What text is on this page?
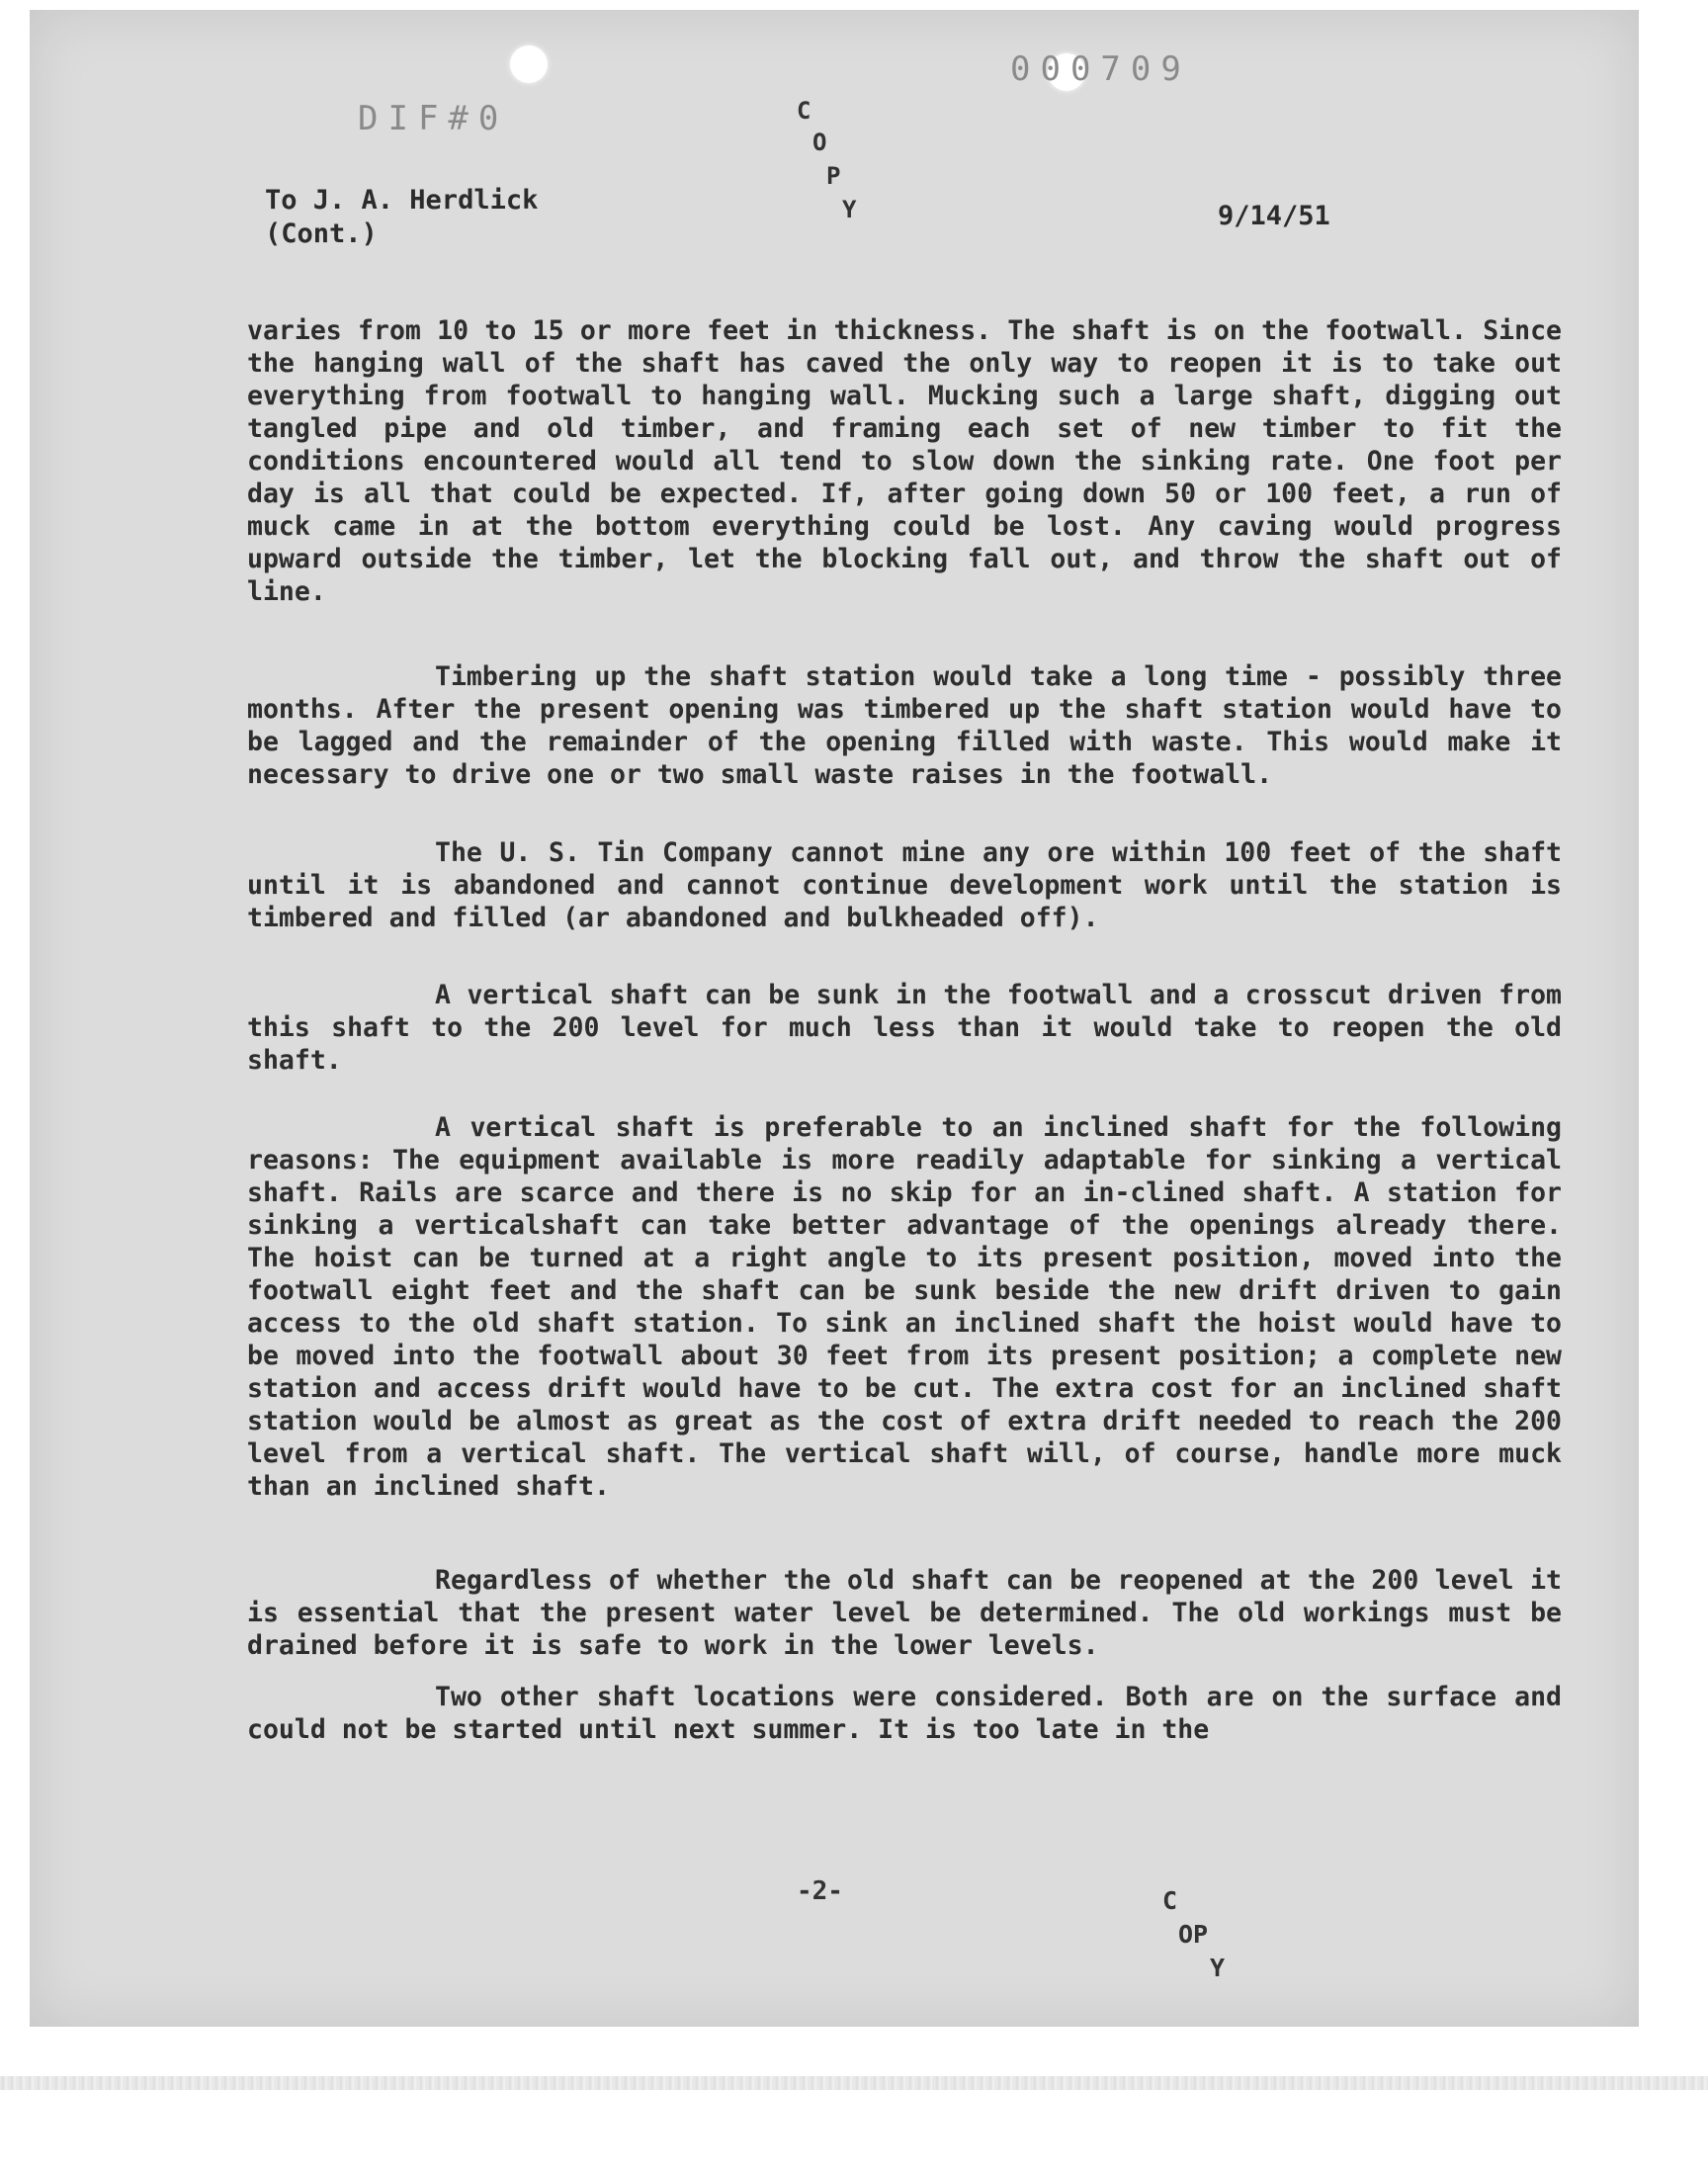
DIF#0
000709
C
O
P
Y
To J. A. Herdlick
(Cont.)
9/14/51

varies from 10 to 15 or more feet in thickness. The shaft is on the footwall. Since the hanging wall of the shaft has caved the only way to reopen it is to take out everything from footwall to hanging wall. Mucking such a large shaft, digging out tangled pipe and old timber, and framing each set of new timber to fit the conditions encountered would all tend to slow down the sinking rate. One foot per day is all that could be expected. If, after going down 50 or 100 feet, a run of muck came in at the bottom everything could be lost. Any caving would progress upward outside the timber, let the blocking fall out, and throw the shaft out of line.

Timbering up the shaft station would take a long time - possibly three months. After the present opening was timbered up the shaft station would have to be lagged and the remainder of the opening filled with waste. This would make it necessary to drive one or two small waste raises in the footwall.

The U. S. Tin Company cannot mine any ore within 100 feet of the shaft until it is abandoned and cannot continue development work until the station is timbered and filled (ar abandoned and bulkheaded off).

A vertical shaft can be sunk in the footwall and a crosscut driven from this shaft to the 200 level for much less than it would take to reopen the old shaft.

A vertical shaft is preferable to an inclined shaft for the following reasons: The equipment available is more readily adaptable for sinking a vertical shaft. Rails are scarce and there is no skip for an in-clined shaft. A station for sinking a verticalshaft can take better advantage of the openings already there. The hoist can be turned at a right angle to its present position, moved into the footwall eight feet and the shaft can be sunk beside the new drift driven to gain access to the old shaft station. To sink an inclined shaft the hoist would have to be moved into the footwall about 30 feet from its present position; a complete new station and access drift would have to be cut. The extra cost for an inclined shaft station would be almost as great as the cost of extra drift needed to reach the 200 level from a vertical shaft. The vertical shaft will, of course, handle more muck than an inclined shaft.

Regardless of whether the old shaft can be reopened at the 200 level it is essential that the present water level be determined. The old workings must be drained before it is safe to work in the lower levels.

Two other shaft locations were considered. Both are on the surface and could not be started until next summer. It is too late in the

-2-	C
OP
Y
